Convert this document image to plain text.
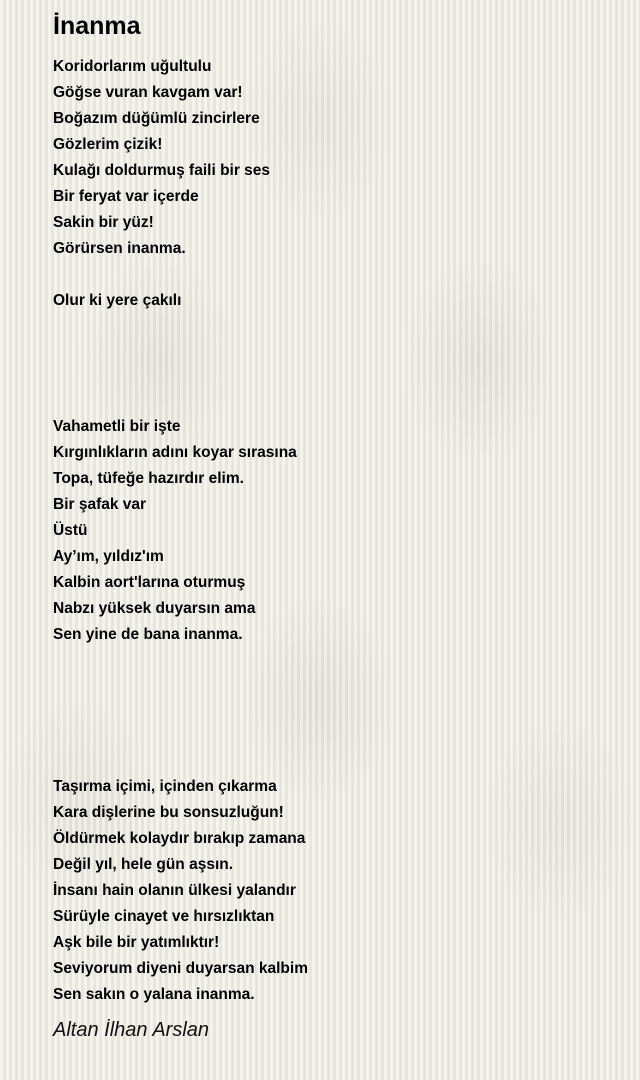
İnanma
Koridorlarım uğultulu
Göğse vuran kavgam var!
Boğazım düğümlü zincirlere
Gözlerim çizik!
Kulağı doldurmuş faili bir ses
Bir feryat var içerde
Sakin bir yüz!
Görürsen inanma.
Olur ki yere çakılı
Vahametli bir işte
Kırgınlıkların adını koyar sırasına
Topa, tüfeğe hazırdır elim.
Bir şafak var
Üstü
Ay’ım, yıldız'ım
Kalbin aort'larına oturmuş
Nabzı yüksek duyarsın ama
Sen yine de bana inanma.
Taşırma içimi, içinden çıkarma
Kara dişlerine bu sonsuzluğun!
Öldürmek kolaydır bırakıp zamana
Değil yıl, hele gün aşsın.
İnsanı hain olanın ülkesi yalandır
Sürüyle cinayet ve hırsızlıktan
Aşk bile bir yatımlıktır!
Seviyorum diyeni duyarsan kalbim
Sen sakın o yalana inanma.
Altan İlhan Arslan
